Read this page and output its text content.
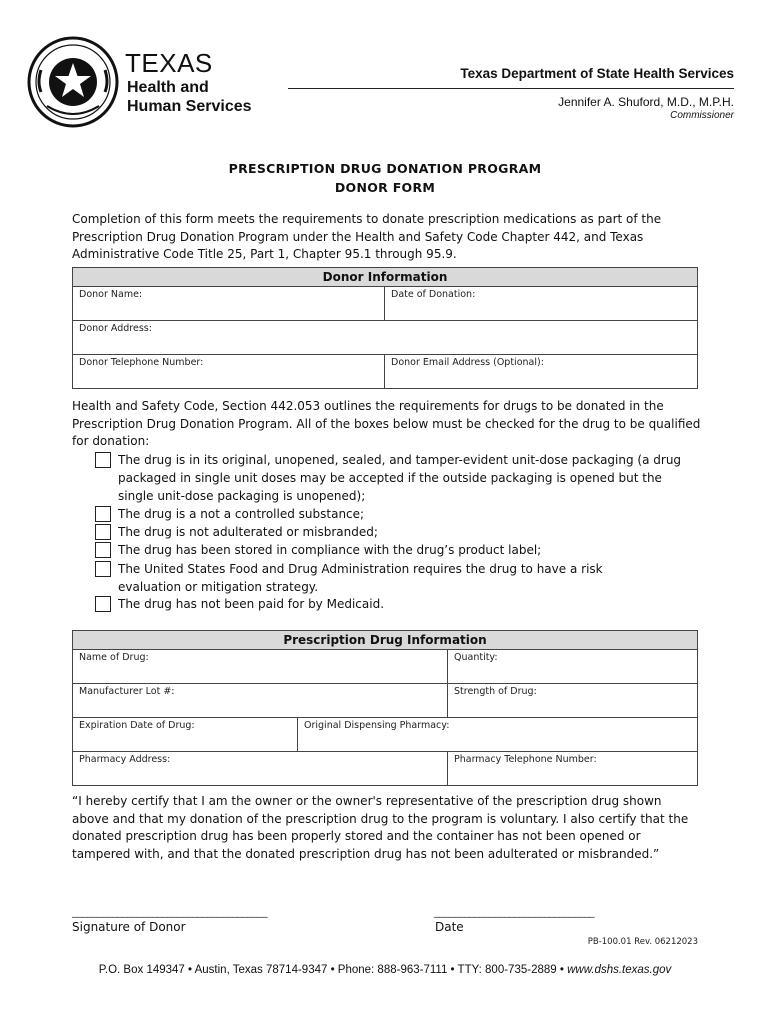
TEXAS
Health and Human Services
Texas Department of State Health Services
Jennifer A. Shuford, M.D., M.P.H.
Commissioner
PRESCRIPTION DRUG DONATION PROGRAM
DONOR FORM
Completion of this form meets the requirements to donate prescription medications as part of the Prescription Drug Donation Program under the Health and Safety Code Chapter 442, and Texas Administrative Code Title 25, Part 1, Chapter 95.1 through 95.9.
Donor Information
Donor Name:	Date of Donation:
Donor Address:
Donor Telephone Number:	Donor Email Address (Optional):
Health and Safety Code, Section 442.053 outlines the requirements for drugs to be donated in the Prescription Drug Donation Program. All of the boxes below must be checked for the drug to be qualified for donation:
The drug is in its original, unopened, sealed, and tamper-evident unit-dose packaging (a drug packaged in single unit doses may be accepted if the outside packaging is opened but the single unit-dose packaging is unopened);
The drug is a not a controlled substance;
The drug is not adulterated or misbranded;
The drug has been stored in compliance with the drug’s product label;
The United States Food and Drug Administration requires the drug to have a risk evaluation or mitigation strategy.
The drug has not been paid for by Medicaid.
Prescription Drug Information
Name of Drug:	Quantity:
Manufacturer Lot #:	Strength of Drug:
Expiration Date of Drug:	Original Dispensing Pharmacy:
Pharmacy Address:	Pharmacy Telephone Number:
“I hereby certify that I am the owner or the owner's representative of the prescription drug shown above and that my donation of the prescription drug to the program is voluntary. I also certify that the donated prescription drug has been properly stored and the container has not been opened or tampered with, and that the donated prescription drug has not been adulterated or misbranded.”
_______________________________________
Signature of Donor
________________________________
Date
PB-100.01 Rev. 06212023
P.O. Box 149347 • Austin, Texas 78714-9347 • Phone: 888-963-7111 • TTY: 800-735-2889 • www.dshs.texas.gov
